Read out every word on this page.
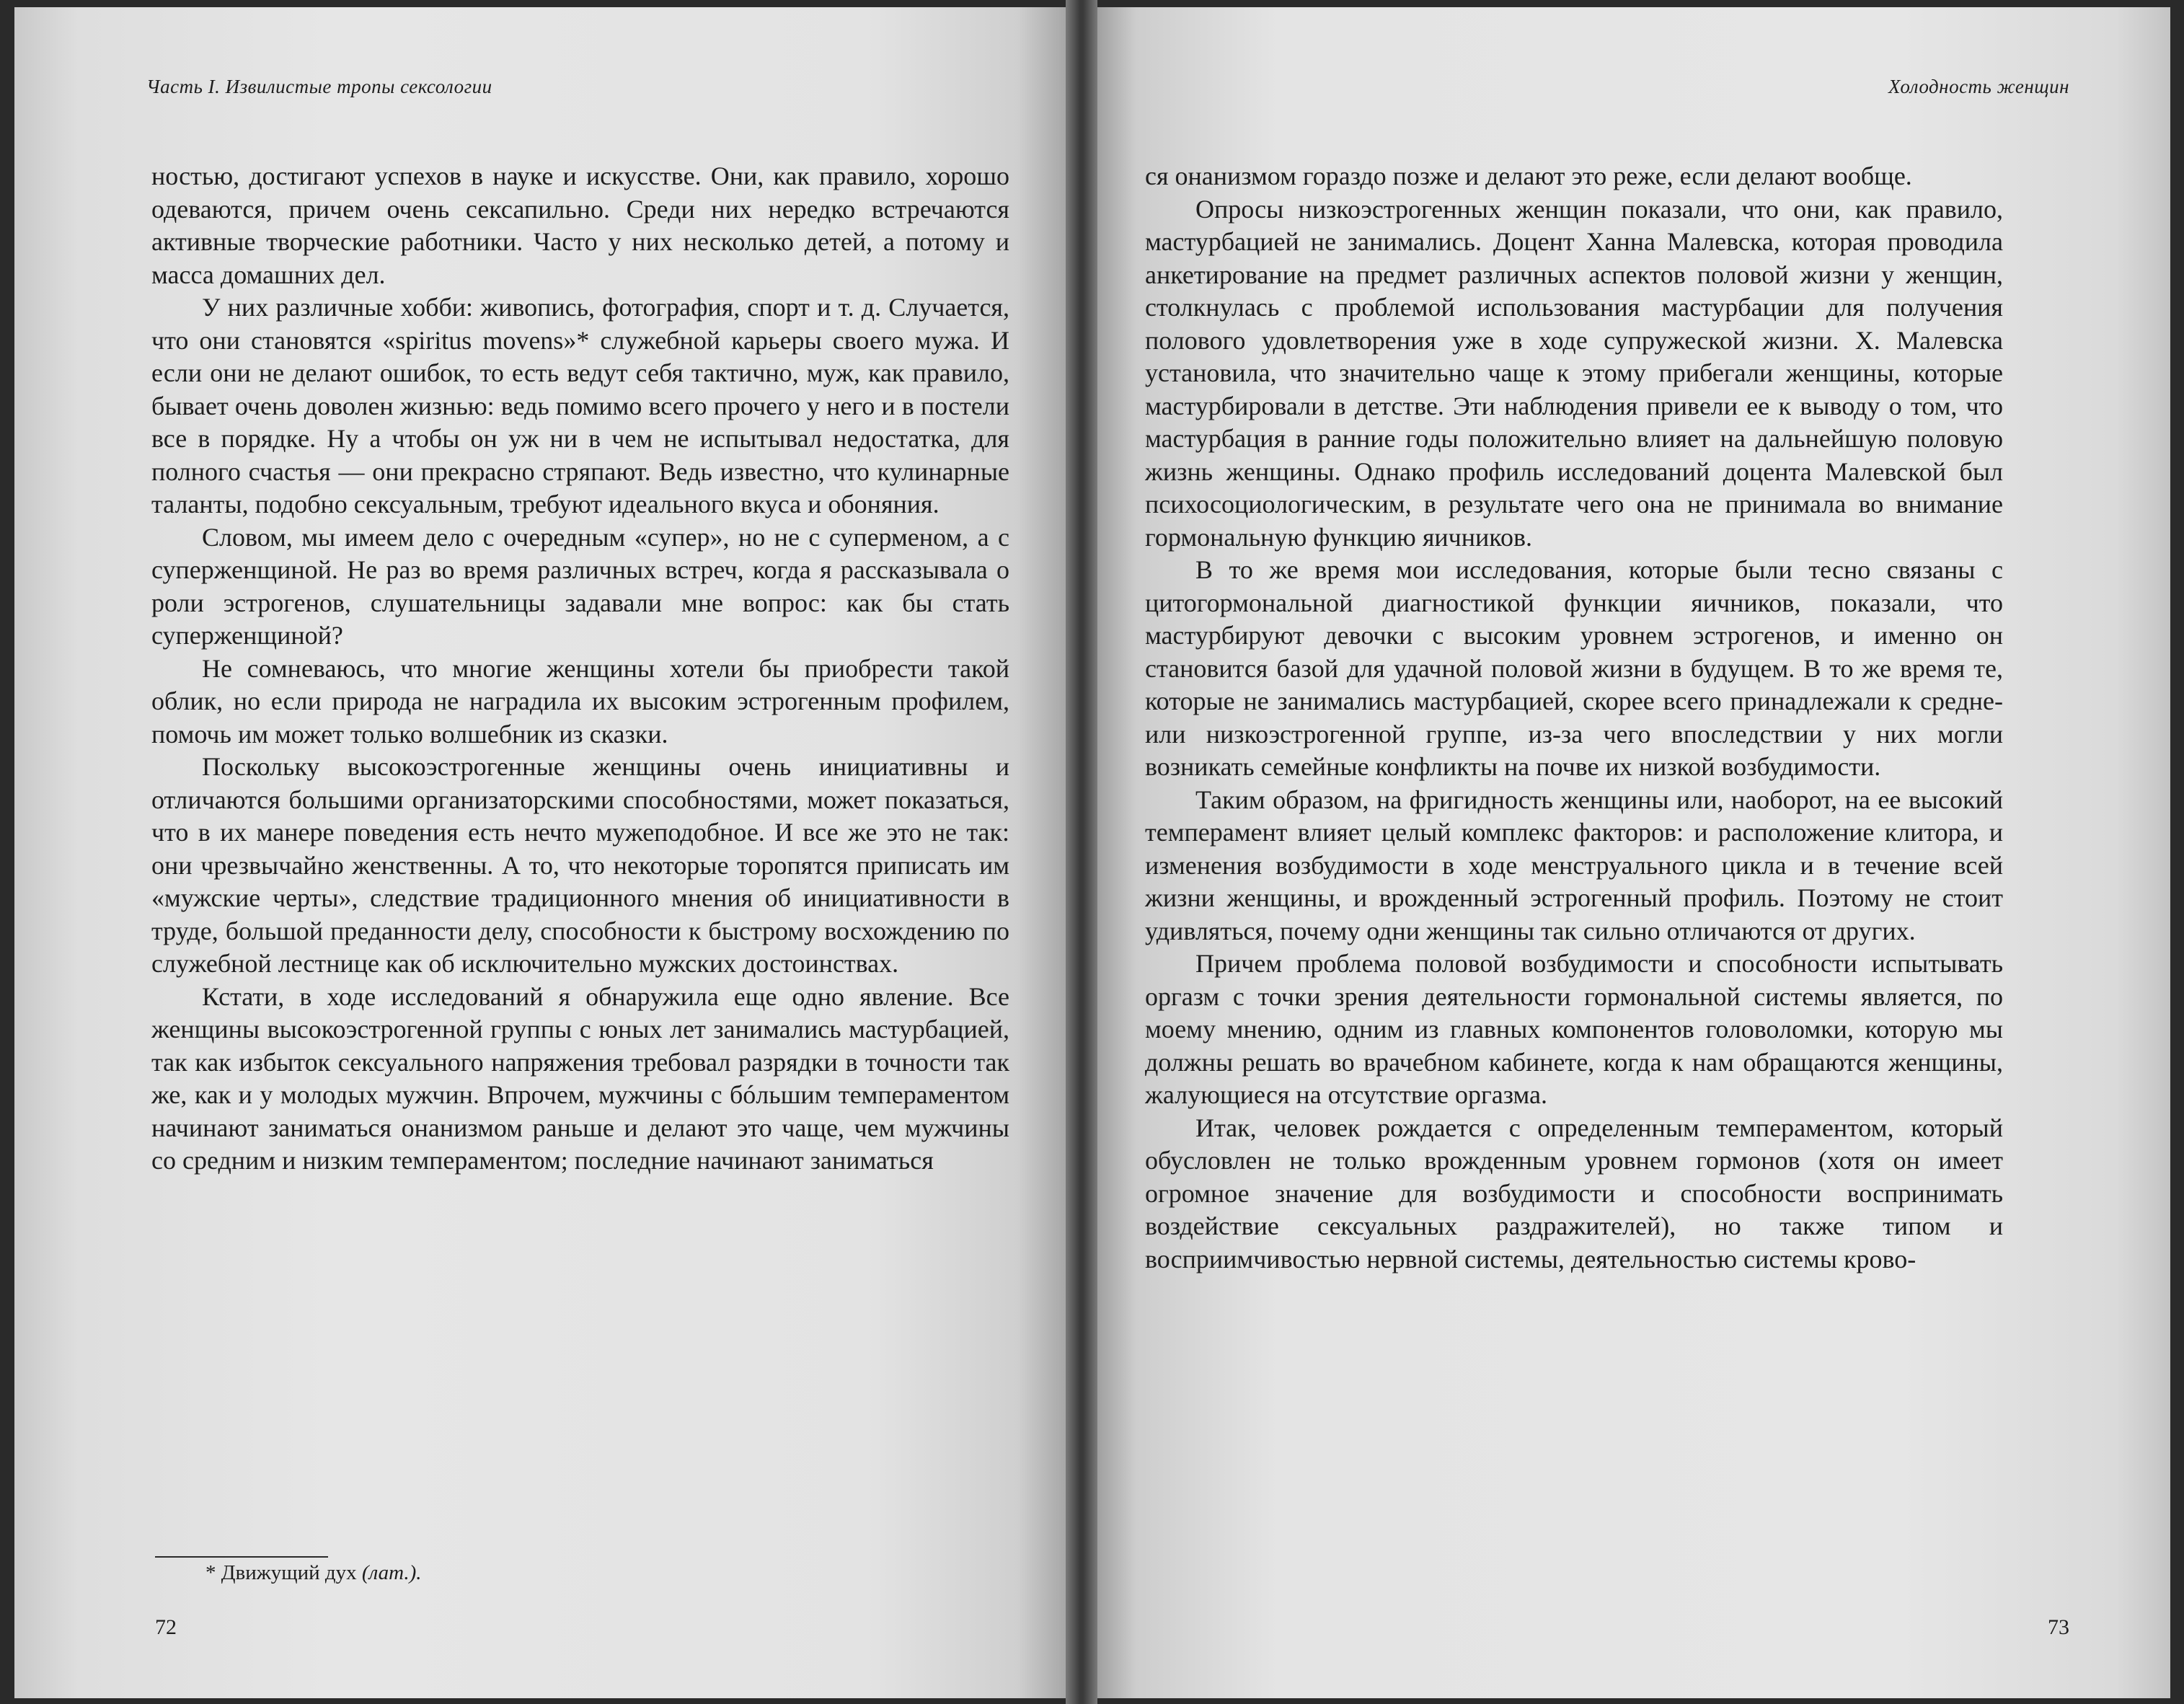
Часть I. Извилистые тропы сексологии

ностью, достигают успехов в науке и искусстве. Они, как правило, хорошо одеваются, причем очень сексапильно. Среди них нередко встречаются активные творческие работники. Часто у них несколько детей, а потому и масса домашних дел.

У них различные хобби: живопись, фотография, спорт и т. д. Случается, что они становятся «spiritus movens»* служебной карьеры своего мужа. И если они не делают ошибок, то есть ведут себя тактично, муж, как правило, бывает очень доволен жизнью: ведь помимо всего прочего у него и в постели все в порядке. Ну а чтобы он уж ни в чем не испытывал недостатка, для полного счастья — они прекрасно стряпают. Ведь известно, что кулинарные таланты, подобно сексуальным, требуют идеального вкуса и обоняния.

Словом, мы имеем дело с очередным «супер», но не с суперменом, а с суперженщиной. Не раз во время различных встреч, когда я рассказывала о роли эстрогенов, слушательницы задавали мне вопрос: как бы стать суперженщиной?

Не сомневаюсь, что многие женщины хотели бы приобрести такой облик, но если природа не наградила их высоким эстрогенным профилем, помочь им может только волшебник из сказки.

Поскольку высокоэстрогенные женщины очень инициативны и отличаются большими организаторскими способностями, может показаться, что в их манере поведения есть нечто мужеподобное. И все же это не так: они чрезвычайно женственны. А то, что некоторые торопятся приписать им «мужские черты», следствие традиционного мнения об инициативности в труде, большой преданности делу, способности к быстрому восхождению по служебной лестнице как об исключительно мужских достоинствах.

Кстати, в ходе исследований я обнаружила еще одно явление. Все женщины высокоэстрогенной группы с юных лет занимались мастурбацией, так как избыток сексуального напряжения требовал разрядки в точности так же, как и у молодых мужчин. Впрочем, мужчины с бóльшим темпераментом начинают заниматься онанизмом раньше и делают это чаще, чем мужчины со средним и низким темпераментом; последние начинают заниматься

* Движущий дух (лат.).
72
Холодность женщин

ся онанизмом гораздо позже и делают это реже, если делают вообще.

Опросы низкоэстрогенных женщин показали, что они, как правило, мастурбацией не занимались. Доцент Ханна Малевска, которая проводила анкетирование на предмет различных аспектов половой жизни у женщин, столкнулась с проблемой использования мастурбации для получения полового удовлетворения уже в ходе супружеской жизни. Х. Малевска установила, что значительно чаще к этому прибегали женщины, которые мастурбировали в детстве. Эти наблюдения привели ее к выводу о том, что мастурбация в ранние годы положительно влияет на дальнейшую половую жизнь женщины. Однако профиль исследований доцента Малевской был психосоциологическим, в результате чего она не принимала во внимание гормональную функцию яичников.

В то же время мои исследования, которые были тесно связаны с цитогормональной диагностикой функции яичников, показали, что мастурбируют девочки с высоким уровнем эстрогенов, и именно он становится базой для удачной половой жизни в будущем. В то же время те, которые не занимались мастурбацией, скорее всего принадлежали к средне- или низкоэстрогенной группе, из-за чего впоследствии у них могли возникать семейные конфликты на почве их низкой возбудимости.

Таким образом, на фригидность женщины или, наоборот, на ее высокий темперамент влияет целый комплекс факторов: и расположение клитора, и изменения возбудимости в ходе менструального цикла и в течение всей жизни женщины, и врожденный эстрогенный профиль. Поэтому не стоит удивляться, почему одни женщины так сильно отличаются от других.

Причем проблема половой возбудимости и способности испытывать оргазм с точки зрения деятельности гормональной системы является, по моему мнению, одним из главных компонентов головоломки, которую мы должны решать во врачебном кабинете, когда к нам обращаются женщины, жалующиеся на отсутствие оргазма.

Итак, человек рождается с определенным темпераментом, который обусловлен не только врожденным уровнем гормонов (хотя он имеет огромное значение для возбудимости и способности воспринимать воздействие сексуальных раздражителей), но также типом и восприимчивостью нервной системы, деятельностью системы крово-

73
